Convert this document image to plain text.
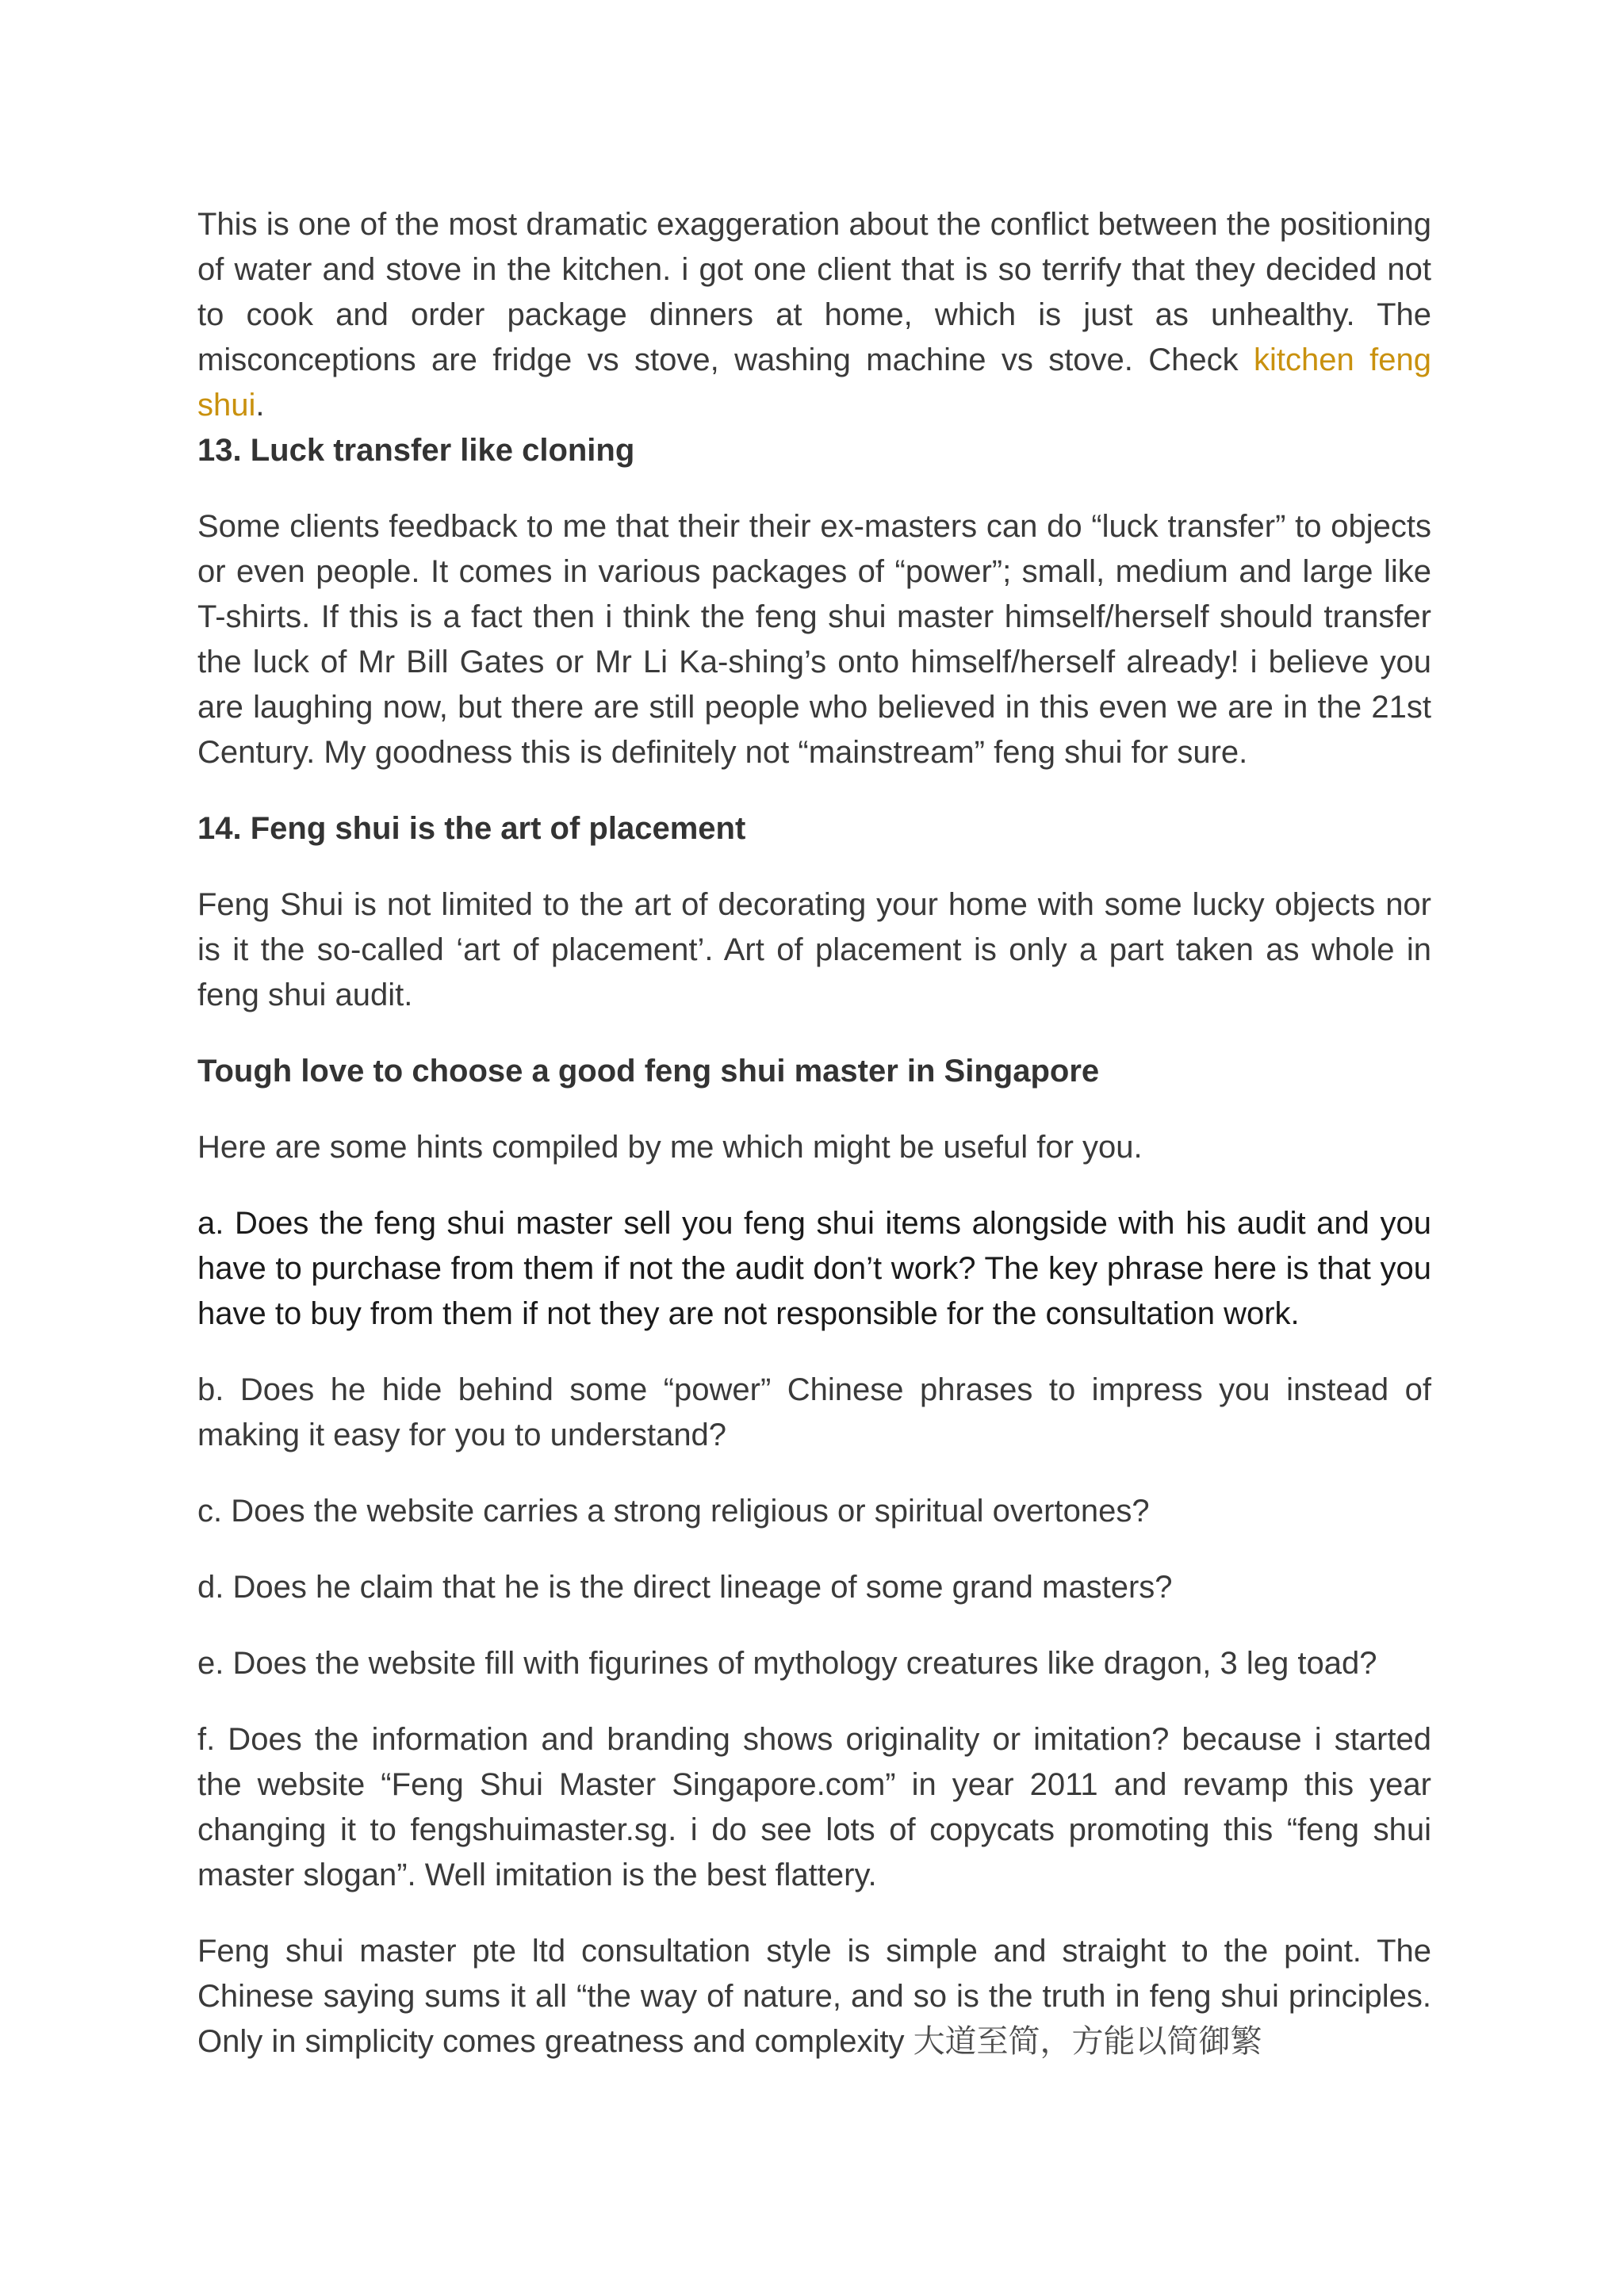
This is one of the most dramatic exaggeration about the conflict between the positioning of water and stove in the kitchen. i got one client that is so terrify that they decided not to cook and order package dinners at home, which is just as unhealthy. The misconceptions are fridge vs stove, washing machine vs stove. Check kitchen feng shui.

13. Luck transfer like cloning

Some clients feedback to me that their their ex-masters can do “luck transfer” to objects or even people. It comes in various packages of “power”; small, medium and large like T-shirts. If this is a fact then i think the feng shui master himself/herself should transfer the luck of Mr Bill Gates or Mr Li Ka-shing’s onto himself/herself already! i believe you are laughing now, but there are still people who believed in this even we are in the 21st Century. My goodness this is definitely not “mainstream” feng shui for sure.

14. Feng shui is the art of placement

Feng Shui is not limited to the art of decorating your home with some lucky objects nor is it the so-called ‘art of placement’. Art of placement is only a part taken as whole in feng shui audit.

Tough love to choose a good feng shui master in Singapore

Here are some hints compiled by me which might be useful for you.

a. Does the feng shui master sell you feng shui items alongside with his audit and you have to purchase from them if not the audit don’t work? The key phrase here is that you have to buy from them if not they are not responsible for the consultation work.

b. Does he hide behind some “power” Chinese phrases to impress you instead of making it easy for you to understand?

c. Does the website carries a strong religious or spiritual overtones?

d. Does he claim that he is the direct lineage of some grand masters?

e. Does the website fill with figurines of mythology creatures like dragon, 3 leg toad?

f. Does the information and branding shows originality or imitation? because i started the website “Feng Shui Master Singapore.com” in year 2011 and revamp this year changing it to fengshuimaster.sg. i do see lots of copycats promoting this “feng shui master slogan”. Well imitation is the best flattery.

Feng shui master pte ltd consultation style is simple and straight to the point. The Chinese saying sums it all “the way of nature, and so is the truth in feng shui principles. Only in simplicity comes greatness and complexity 大道至简，方能以简御繁
